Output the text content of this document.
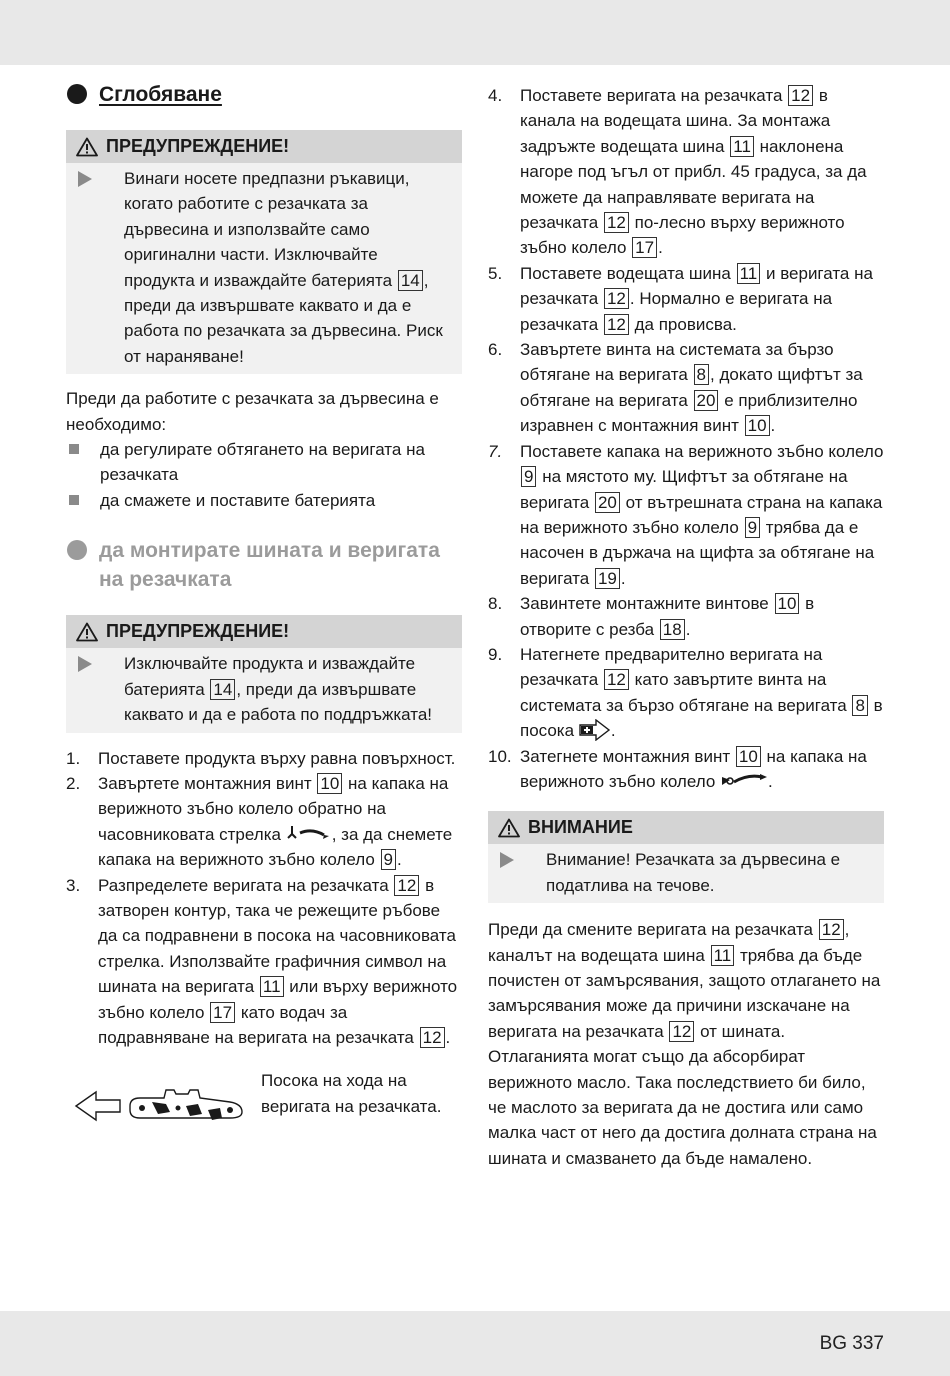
Сглобяване
ПРЕДУПРЕЖДЕНИЕ!
Винаги носете предпазни ръкавици, когато работите с резачката за дървесина и използвайте само оригинални части. Изключвайте продукта и изваждайте батерията 14 , преди да извършвате каквато и да е работа по резачката за дървесина. Риск от нараняване!

Преди да работите с резачката за дървесина е необходимо:

да регулирате обтягането на веригата на резачката
да смажете и поставите батерията
да монтирате шината и веригата на резачката
ПРЕДУПРЕЖДЕНИЕ!
Изключвайте продукта и изваждайте батерията 14 , преди да извършвате каквато и да е работа по поддръжката!
1.	Поставете продукта върху равна повърхност.
2.	Завъртете монтажния винт 10 на капака на верижното зъбно колело обратно на часовниковата стрелка	, за да снемете капака на верижното зъбно колело 9 .
3.	Разпределете веригата на резачката 12 в затворен контур, така че режещите ръбове да са подравнени в посока на часовниковата стрелка. Използвайте графичния символ на шината на веригата 11 или върху верижното зъбно колело 17 като водач за подравняване на веригата на резачката 12 .

Посока на хода на веригата на резачката.

4.	Поставете веригата на резачката 12 в канала на водещата шина. За монтажа задръжте водещата шина 11 наклонена нагоре под ъгъл от прибл. 45 градуса, за да можете да направлявате веригата на резачката 12 по-лесно върху верижното зъбно колело 17 .
5.	Поставете водещата шина 11 и веригата на резачката 12 . Нормално е веригата на резачката 12 да провисва.
6.	Завъртете винта на системата за бързо обтягане на веригата 8 , докато щифтът за обтягане на веригата 20 е приблизително изравнен с монтажния винт 10 .
7.	Поставете капака на верижното зъбно колело 9 на мястото му. Щифтът за обтягане на веригата 20 от вътрешната страна на капака на верижното зъбно колело 9 трябва да е насочен в държача на щифта за обтягане на веригата 19 .
8.	Завинтете монтажните винтове 10 в отворите с резба 18 .
9.	Натегнете предварително веригата на резачката 12 като завъртите винта на системата за бързо обтягане на веригата 8 в посока .
10. Затегнете монтажния винт 10 на капака на верижното зъбно колело	.
ВНИМАНИЕ
Внимание! Резачката за дървесина е податлива на течове.

Преди да смените веригата на резачката 12 , каналът на водещата шина 11 трябва да бъде почистен от замърсявания, защото отлагането на замърсявания може да причини изскачане на веригата на резачката 12 от шината. Отлаганията могат също да абсорбират верижното масло. Така последствието би било, че маслото за веригата да не достига или само малка част от него да достига долната страна на шината и смазването да бъде намалено.

BG 337
